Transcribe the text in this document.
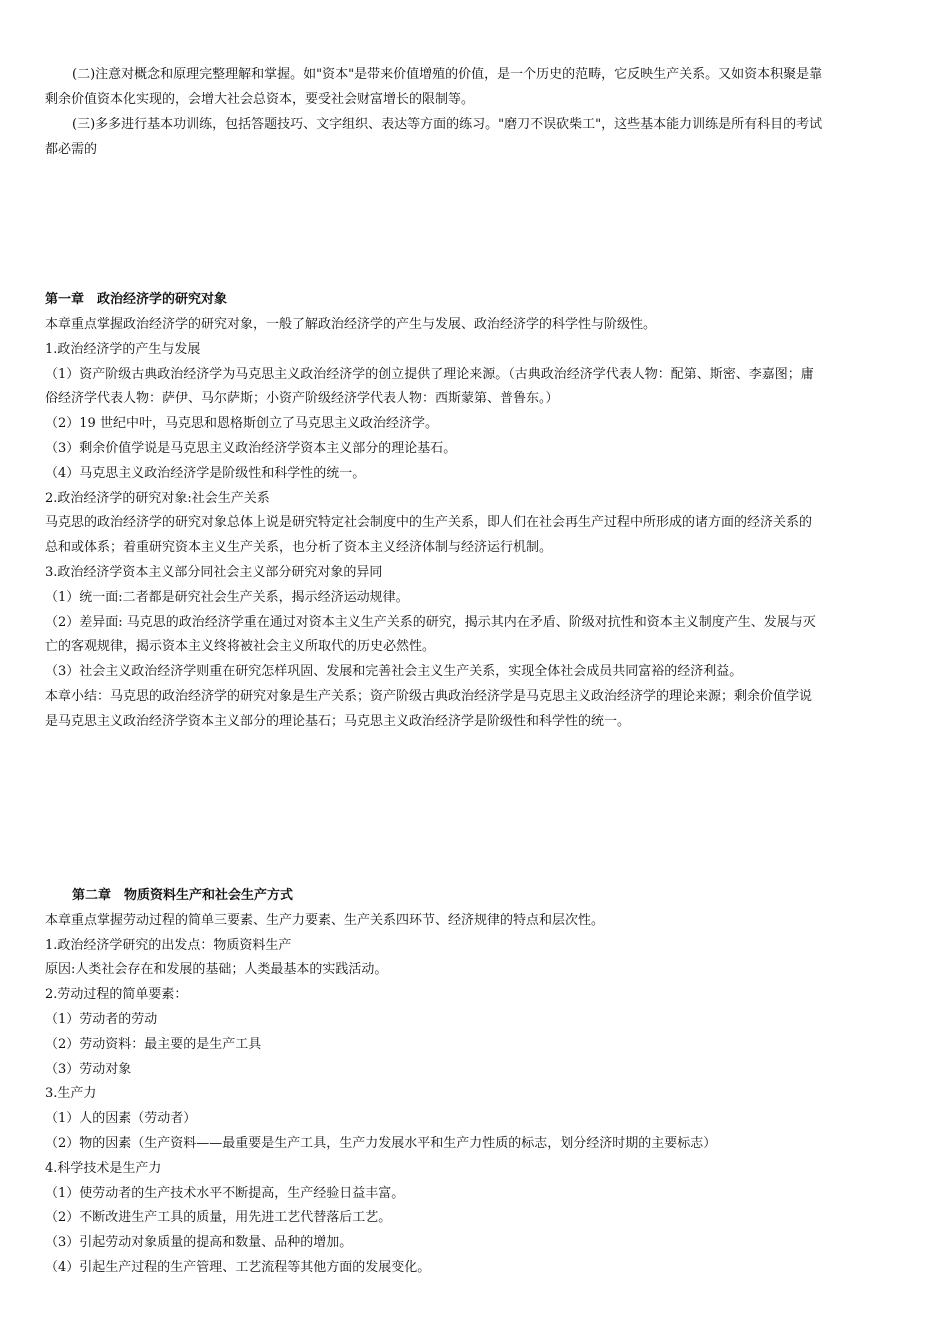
(二)注意对概念和原理完整理解和掌握。如"资本"是带来价值增殖的价值，是一个历史的范畴，它反映生产关系。又如资本积聚是靠
剩余价值资本化实现的，会增大社会总资本，要受社会财富增长的限制等。
(三)多多进行基本功训练，包括答题技巧、文字组织、表达等方面的练习。"磨刀不误砍柴工"，这些基本能力训练是所有科目的考试
都必需的
第一章　政治经济学的研究对象
本章重点掌握政治经济学的研究对象，一般了解政治经济学的产生与发展、政治经济学的科学性与阶级性。
1.政治经济学的产生与发展
（1）资产阶级古典政治经济学为马克思主义政治经济学的创立提供了理论来源。（古典政治经济学代表人物：配第、斯密、李嘉图；庸
俗经济学代表人物：萨伊、马尔萨斯；小资产阶级经济学代表人物：西斯蒙第、普鲁东。）
（2）19 世纪中叶，马克思和恩格斯创立了马克思主义政治经济学。
（3）剩余价值学说是马克思主义政治经济学资本主义部分的理论基石。
（4）马克思主义政治经济学是阶级性和科学性的统一。
2.政治经济学的研究对象:社会生产关系
马克思的政治经济学的研究对象总体上说是研究特定社会制度中的生产关系，即人们在社会再生产过程中所形成的诸方面的经济关系的
总和或体系；着重研究资本主义生产关系，也分析了资本主义经济体制与经济运行机制。
3.政治经济学资本主义部分同社会主义部分研究对象的异同
（1）统一面:二者都是研究社会生产关系，揭示经济运动规律。
（2）差异面: 马克思的政治经济学重在通过对资本主义生产关系的研究，揭示其内在矛盾、阶级对抗性和资本主义制度产生、发展与灭
亡的客观规律，揭示资本主义终将被社会主义所取代的历史必然性。
（3）社会主义政治经济学则重在研究怎样巩固、发展和完善社会主义生产关系，实现全体社会成员共同富裕的经济利益。
本章小结：马克思的政治经济学的研究对象是生产关系；资产阶级古典政治经济学是马克思主义政治经济学的理论来源；剩余价值学说
是马克思主义政治经济学资本主义部分的理论基石；马克思主义政治经济学是阶级性和科学性的统一。
第二章　物质资料生产和社会生产方式
本章重点掌握劳动过程的简单三要素、生产力要素、生产关系四环节、经济规律的特点和层次性。
1.政治经济学研究的出发点：物质资料生产
原因:人类社会存在和发展的基础；人类最基本的实践活动。
2.劳动过程的简单要素：
（1）劳动者的劳动
（2）劳动资料：最主要的是生产工具
（3）劳动对象
3.生产力
（1）人的因素（劳动者）
（2）物的因素（生产资料——最重要是生产工具，生产力发展水平和生产力性质的标志，划分经济时期的主要标志）
4.科学技术是生产力
（1）使劳动者的生产技术水平不断提高，生产经验日益丰富。
（2）不断改进生产工具的质量，用先进工艺代替落后工艺。
（3）引起劳动对象质量的提高和数量、品种的增加。
（4）引起生产过程的生产管理、工艺流程等其他方面的发展变化。
